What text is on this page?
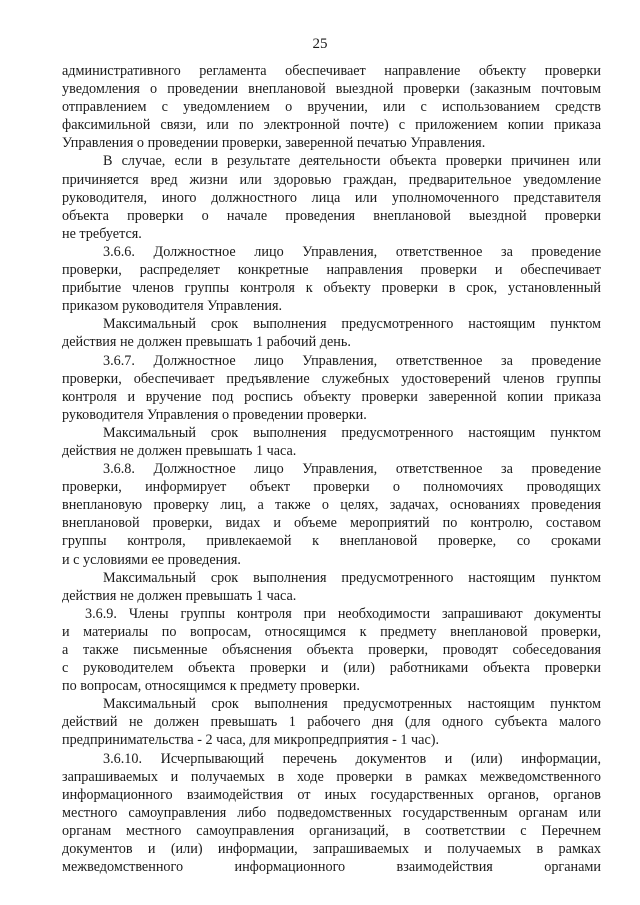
25

административного регламента обеспечивает направление объекту проверки

уведомления о проведении внеплановой выездной проверки (заказным почтовым

отправлением с уведомлением о вручении, или с использованием средств

факсимильной связи, или по электронной почте) с приложением копии приказа

Управления о проведении проверки, заверенной печатью Управления.

В случае, если в результате деятельности объекта проверки причинен или

причиняется вред жизни или здоровью граждан, предварительное уведомление

руководителя, иного должностного лица или уполномоченного представителя

объекта проверки о начале проведения внеплановой выездной проверки

не требуется.

3.6.6. Должностное лицо Управления, ответственное за проведение

проверки, распределяет конкретные направления проверки и обеспечивает

прибытие членов группы контроля к объекту проверки в срок, установленный

приказом руководителя Управления.

Максимальный срок выполнения предусмотренного настоящим пунктом

действия не должен превышать 1 рабочий день.

3.6.7. Должностное лицо Управления, ответственное за проведение

проверки, обеспечивает предъявление служебных удостоверений членов группы

контроля и вручение под роспись объекту проверки заверенной копии приказа

руководителя Управления о проведении проверки.

Максимальный срок выполнения предусмотренного настоящим пунктом

действия не должен превышать 1 часа.

3.6.8. Должностное лицо Управления, ответственное за проведение

проверки, информирует объект проверки о полномочиях проводящих

внеплановую проверку лиц, а также о целях, задачах, основаниях проведения

внеплановой проверки, видах и объеме мероприятий по контролю, составом

группы контроля, привлекаемой к внеплановой проверке, со сроками

и с условиями ее проведения.

Максимальный срок выполнения предусмотренного настоящим пунктом

действия не должен превышать 1 часа.

3.6.9. Члены группы контроля при необходимости запрашивают документы

и материалы по вопросам, относящимся к предмету внеплановой проверки,

а также письменные объяснения объекта проверки, проводят собеседования

с руководителем объекта проверки и (или) работниками объекта проверки

по вопросам, относящимся к предмету проверки.

Максимальный срок выполнения предусмотренных настоящим пунктом

действий не должен превышать 1 рабочего дня (для одного субъекта малого

предпринимательства - 2 часа, для микропредприятия - 1 час).

3.6.10. Исчерпывающий перечень документов и (или) информации,

запрашиваемых и получаемых в ходе проверки в рамках межведомственного

информационного взаимодействия от иных государственных органов, органов

местного самоуправления либо подведомственных государственным органам или

органам местного самоуправления организаций, в соответствии с Перечнем

документов и (или) информации, запрашиваемых и получаемых в рамках

межведомственного информационного взаимодействия органами
